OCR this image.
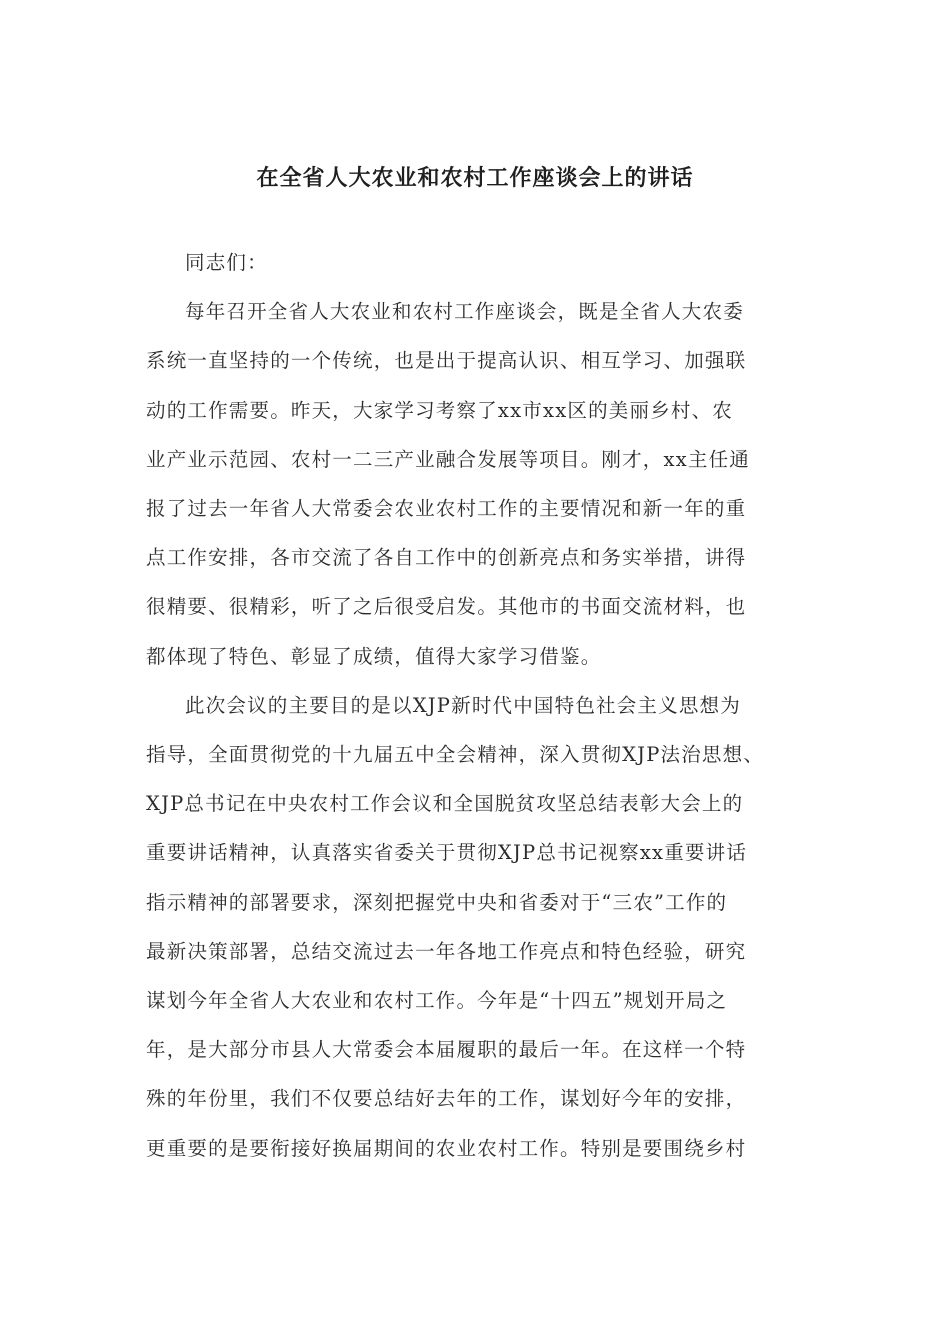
在全省人大农业和农村工作座谈会上的讲话

同志们：

每年召开全省人大农业和农村工作座谈会，既是全省人大农委
系统一直坚持的一个传统，也是出于提高认识、相互学习、加强联
动的工作需要。昨天，大家学习考察了xx市xx区的美丽乡村、农
业产业示范园、农村一二三产业融合发展等项目。刚才，xx主任通
报了过去一年省人大常委会农业农村工作的主要情况和新一年的重
点工作安排，各市交流了各自工作中的创新亮点和务实举措，讲得
很精要、很精彩，听了之后很受启发。其他市的书面交流材料，也
都体现了特色、彰显了成绩，值得大家学习借鉴。

此次会议的主要目的是以XJP新时代中国特色社会主义思想为
指导，全面贯彻党的十九届五中全会精神，深入贯彻XJP法治思想、
XJP总书记在中央农村工作会议和全国脱贫攻坚总结表彰大会上的
重要讲话精神，认真落实省委关于贯彻XJP总书记视察xx重要讲话
指示精神的部署要求，深刻把握党中央和省委对于“三农”工作的
最新决策部署，总结交流过去一年各地工作亮点和特色经验，研究
谋划今年全省人大农业和农村工作。今年是“十四五”规划开局之
年，是大部分市县人大常委会本届履职的最后一年。在这样一个特
殊的年份里，我们不仅要总结好去年的工作，谋划好今年的安排，
更重要的是要衔接好换届期间的农业农村工作。特别是要围绕乡村
